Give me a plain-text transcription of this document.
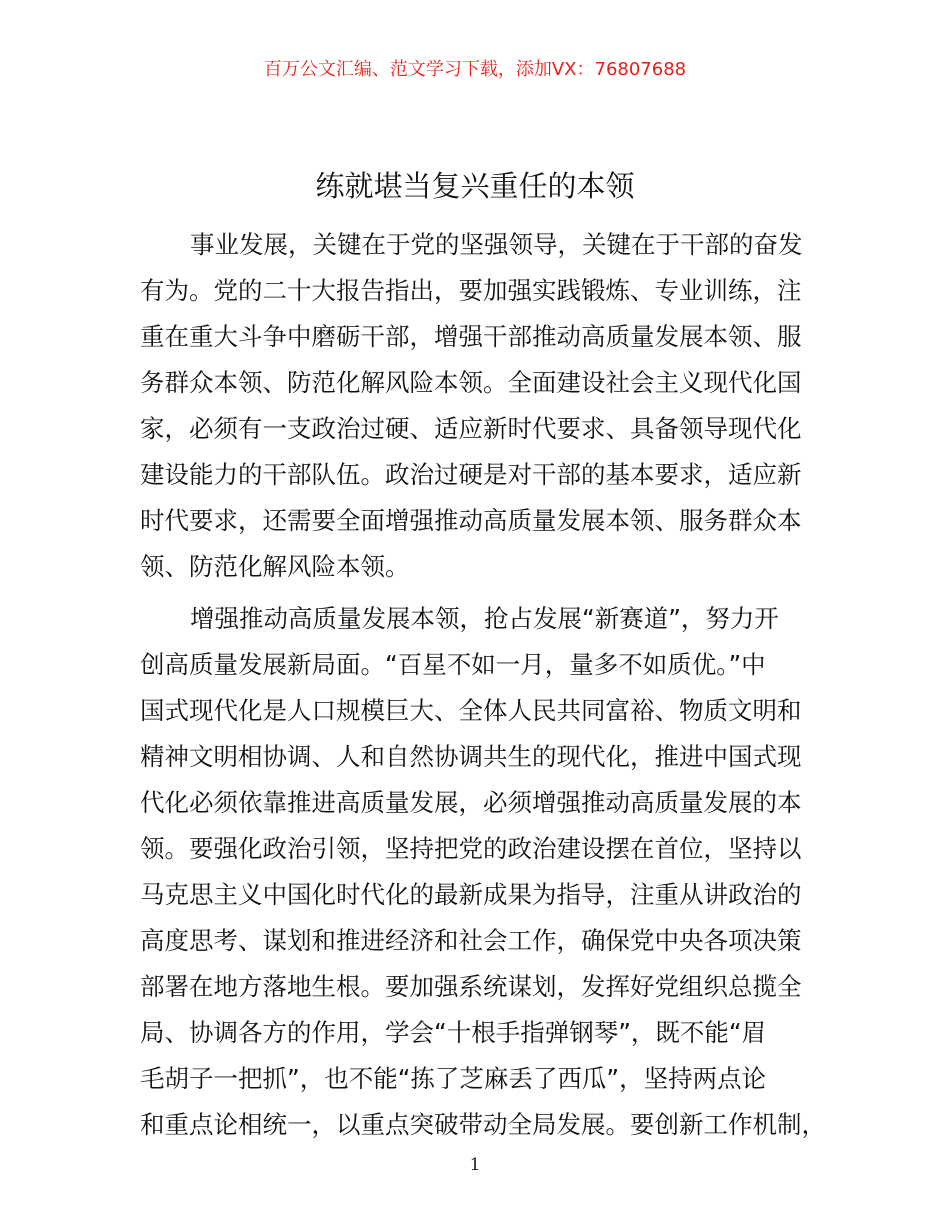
百万公文汇编、范文学习下载，添加VX：76807688
练就堪当复兴重任的本领
事业发展，关键在于党的坚强领导，关键在于干部的奋发
有为。党的二十大报告指出，要加强实践锻炼、专业训练，注
重在重大斗争中磨砺干部，增强干部推动高质量发展本领、服
务群众本领、防范化解风险本领。全面建设社会主义现代化国
家，必须有一支政治过硬、适应新时代要求、具备领导现代化
建设能力的干部队伍。政治过硬是对干部的基本要求，适应新
时代要求，还需要全面增强推动高质量发展本领、服务群众本
领、防范化解风险本领。
增强推动高质量发展本领，抢占发展“新赛道”，努力开
创高质量发展新局面。“百星不如一月，量多不如质优。”中
国式现代化是人口规模巨大、全体人民共同富裕、物质文明和
精神文明相协调、人和自然协调共生的现代化，推进中国式现
代化必须依靠推进高质量发展，必须增强推动高质量发展的本
领。要强化政治引领，坚持把党的政治建设摆在首位，坚持以
马克思主义中国化时代化的最新成果为指导，注重从讲政治的
高度思考、谋划和推进经济和社会工作，确保党中央各项决策
部署在地方落地生根。要加强系统谋划，发挥好党组织总揽全
局、协调各方的作用，学会“十根手指弹钢琴”，既不能“眉
毛胡子一把抓”，也不能“拣了芝麻丢了西瓜”，坚持两点论
和重点论相统一，以重点突破带动全局发展。要创新工作机制，
1
